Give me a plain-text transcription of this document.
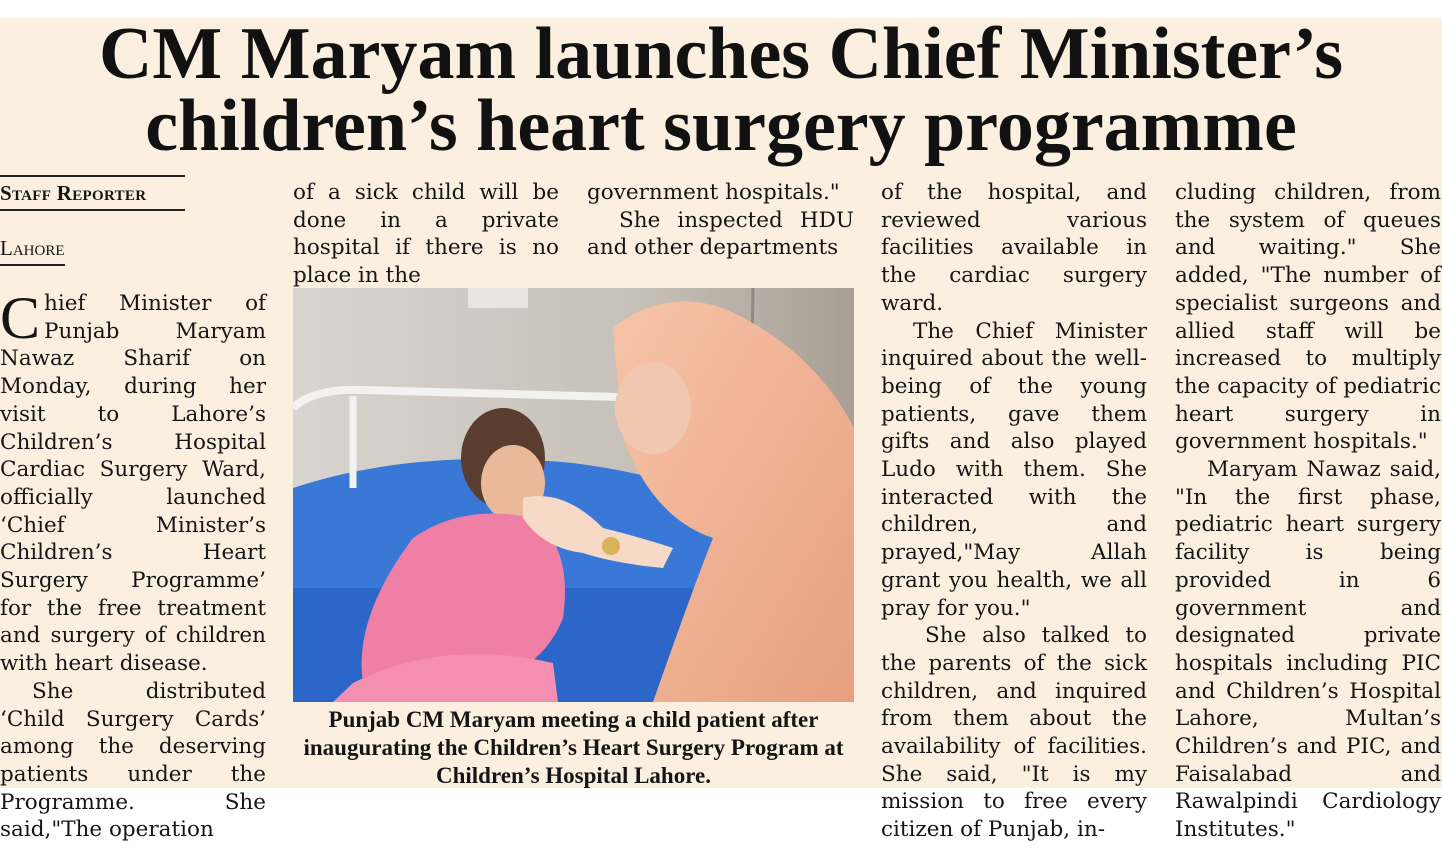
CM Maryam launches Chief Minister’s
children’s heart surgery programme
Staff Reporter
Lahore

Chief Minister of Punjab Maryam Nawaz Sharif on Monday, during her visit to Lahore’s Children’s Hospital Cardiac Surgery Ward, officially launched ‘Chief Minister’s Children’s Heart Surgery Programme’ for the free treatment and surgery of children with heart disease.

She distributed ‘Child Surgery Cards’ among the deserving patients under the Programme. She said,"The operation

of a sick child will be done in a private hospital if there is no place in the

government hospitals."

She inspected HDU and other departments

of the hospital, and reviewed various facilities available in the cardiac surgery ward.

The Chief Minister inquired about the well-being of the young patients, gave them gifts and also played Ludo with them. She interacted with the children, and prayed,"May Allah grant you health, we all pray for you."

She also talked to the parents of the sick children, and inquired from them about the availability of facilities. She said, "It is my mission to free every citizen of Punjab, in-

cluding children, from the system of queues and waiting." She added, "The number of specialist surgeons and allied staff will be increased to multiply the capacity of pediatric heart surgery in government hospitals."

Maryam Nawaz said, "In the first phase, pediatric heart surgery facility is being provided in 6 government and designated private hospitals including PIC and Children’s Hospital Lahore, Multan’s Children’s and PIC, and Faisalabad and Rawalpindi Cardiology Institutes."

Punjab CM Maryam meeting a child patient after inaugurating the Children’s Heart Surgery Program at Children’s Hospital Lahore.
